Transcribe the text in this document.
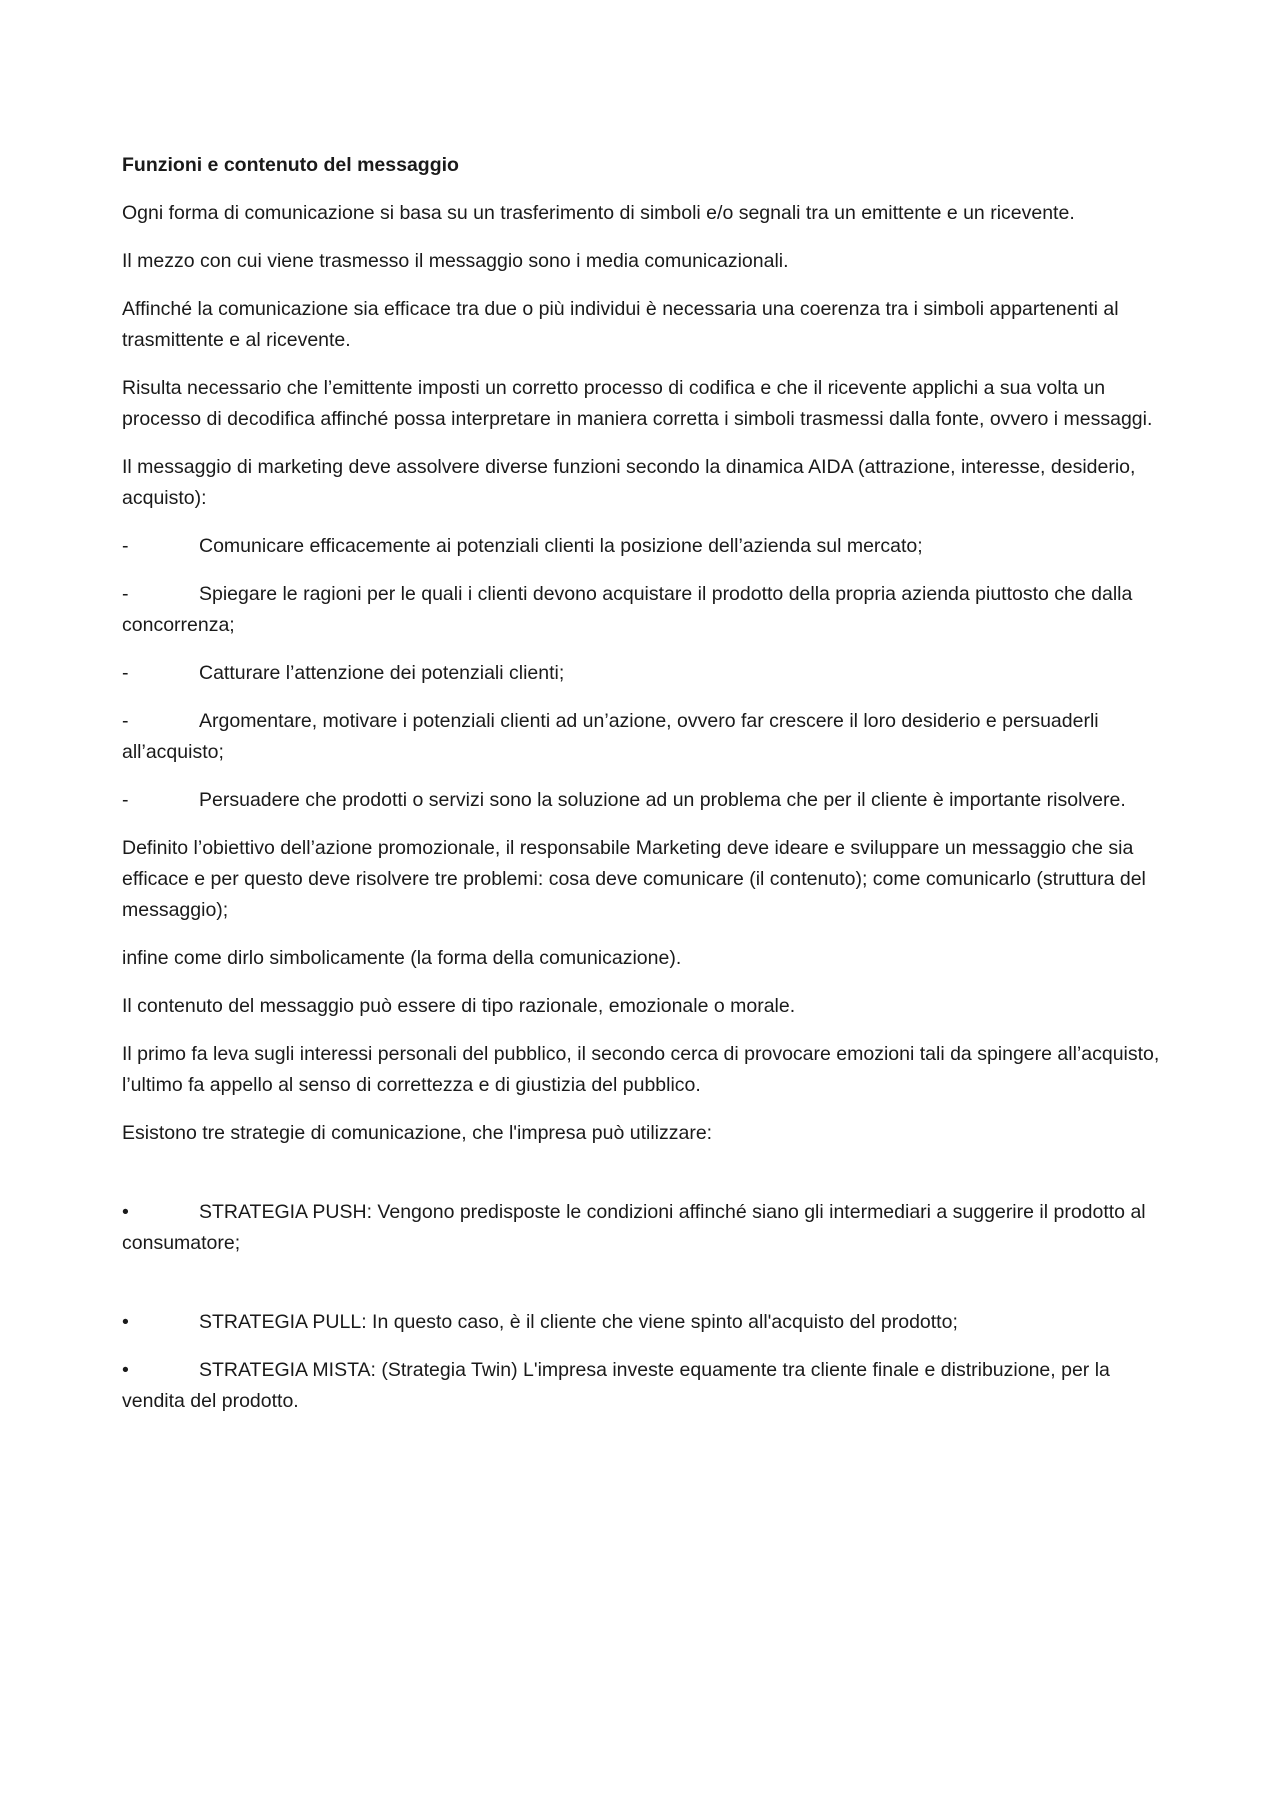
Funzioni e contenuto del messaggio

Ogni forma di comunicazione si basa su un trasferimento di simboli e/o segnali tra un emittente e un ricevente.

Il mezzo con cui viene trasmesso il messaggio sono i media comunicazionali.

Affinché la comunicazione sia efficace tra due o più individui è necessaria una coerenza tra i simboli appartenenti al trasmittente e al ricevente.

Risulta necessario che l’emittente imposti un corretto processo di codifica e che il ricevente applichi a sua volta un processo di decodifica affinché possa interpretare in maniera corretta i simboli trasmessi dalla fonte, ovvero i messaggi.

Il messaggio di marketing deve assolvere diverse funzioni secondo la dinamica AIDA (attrazione, interesse, desiderio, acquisto):

-	Comunicare efficacemente ai potenziali clienti la posizione dell’azienda sul mercato;

-	Spiegare le ragioni per le quali i clienti devono acquistare il prodotto della propria azienda piuttosto che dalla concorrenza;

-	Catturare l’attenzione dei potenziali clienti;

-	Argomentare, motivare i potenziali clienti ad un’azione, ovvero far crescere il loro desiderio e persuaderli all’acquisto;

-	Persuadere che prodotti o servizi sono la soluzione ad un problema che per il cliente è importante risolvere.

Definito l’obiettivo dell’azione promozionale, il responsabile Marketing deve ideare e sviluppare un messaggio che sia efficace e per questo deve risolvere tre problemi: cosa deve comunicare (il contenuto); come comunicarlo (struttura del messaggio);

infine come dirlo simbolicamente (la forma della comunicazione).

Il contenuto del messaggio può essere di tipo razionale, emozionale o morale.

Il primo fa leva sugli interessi personali del pubblico, il secondo cerca di provocare emozioni tali da spingere all’acquisto, l’ultimo fa appello al senso di correttezza e di giustizia del pubblico.

Esistono tre strategie di comunicazione, che l'impresa può utilizzare:

•	STRATEGIA PUSH: Vengono predisposte le condizioni affinché siano gli intermediari a suggerire il prodotto al consumatore;

•	STRATEGIA PULL: In questo caso, è il cliente che viene spinto all'acquisto del prodotto;

•	STRATEGIA MISTA: (Strategia Twin) L'impresa investe equamente tra cliente finale e distribuzione, per la vendita del prodotto.
